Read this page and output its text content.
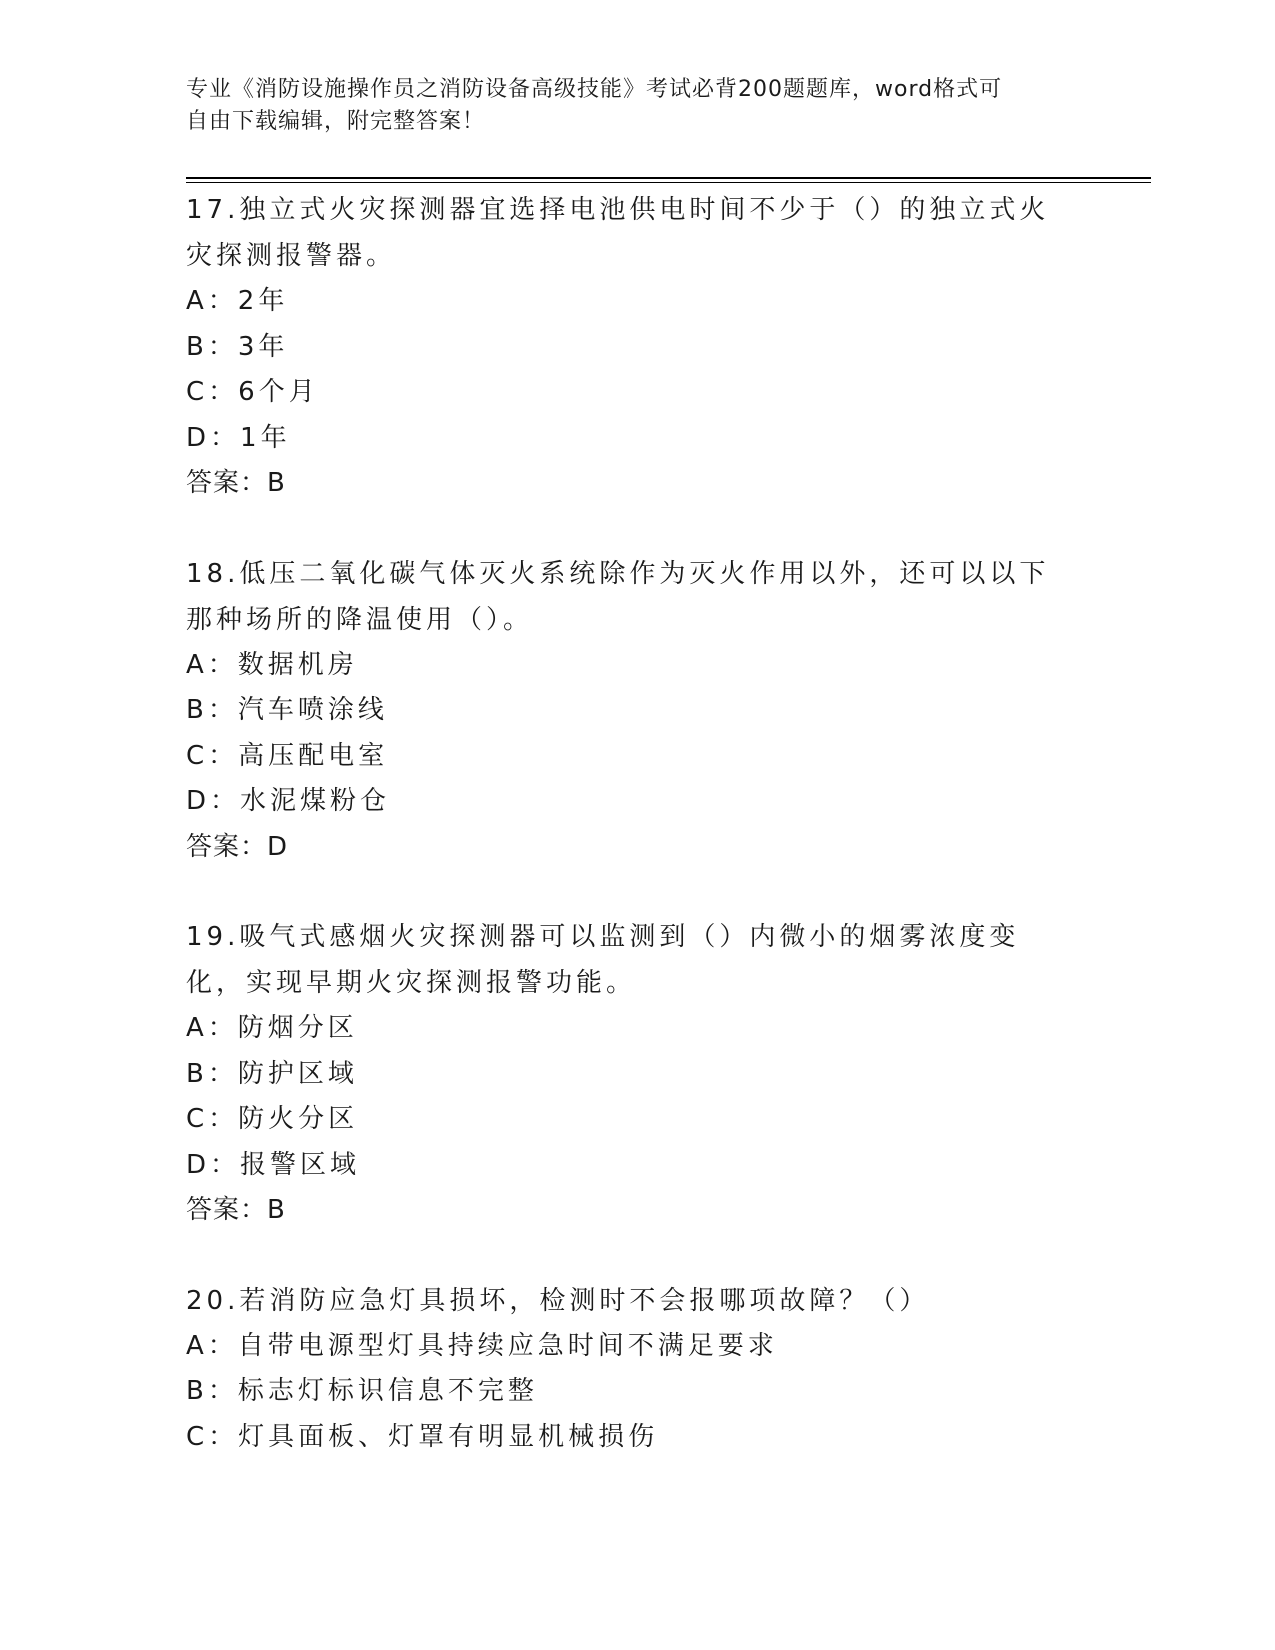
专业《消防设施操作员之消防设备高级技能》考试必背200题题库，word格式可
自由下载编辑，附完整答案！

17.独立式火灾探测器宜选择电池供电时间不少于（）的独立式火灾探测报警器。

A：2年

B：3年

C：6个月

D：1年

答案：B

18.低压二氧化碳气体灭火系统除作为灭火作用以外，还可以以下那种场所的降温使用（）。

A：数据机房

B：汽车喷涂线

C：高压配电室

D：水泥煤粉仓

答案：D

19.吸气式感烟火灾探测器可以监测到（）内微小的烟雾浓度变化，实现早期火灾探测报警功能。

A：防烟分区

B：防护区域

C：防火分区

D：报警区域

答案：B

20.若消防应急灯具损坏，检测时不会报哪项故障？（）

A：自带电源型灯具持续应急时间不满足要求

B：标志灯标识信息不完整

C：灯具面板、灯罩有明显机械损伤
